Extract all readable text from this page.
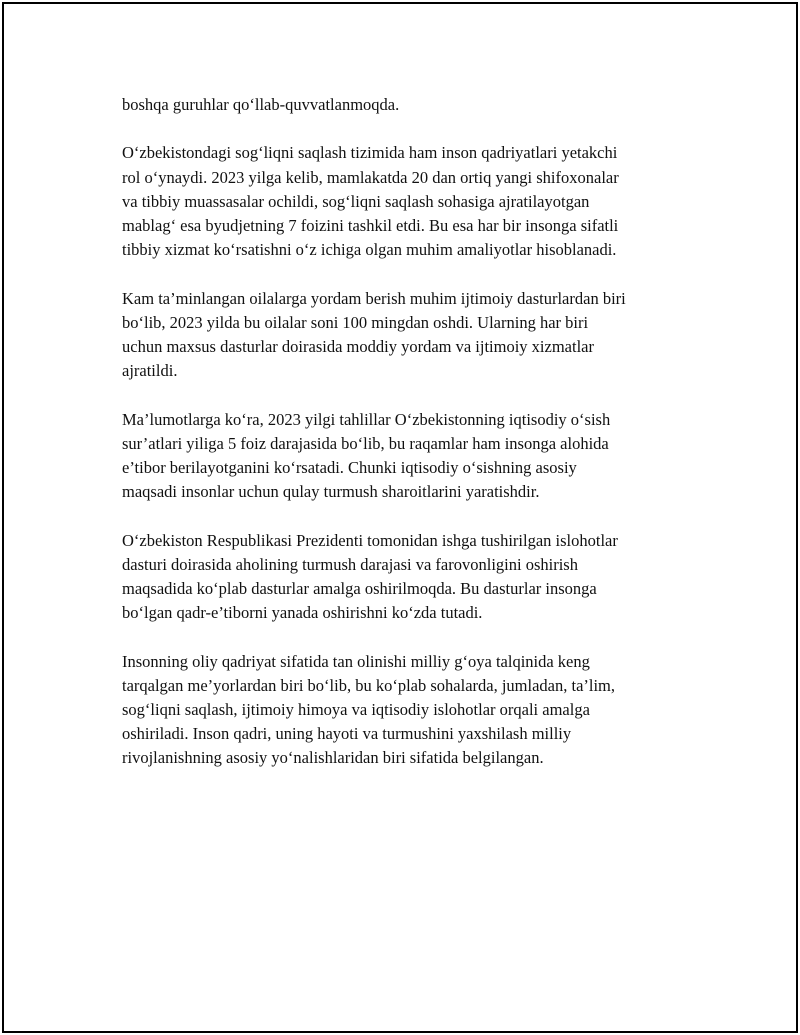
boshqa guruhlar qo‘llab-quvvatlanmoqda.

O‘zbekistondagi sog‘liqni saqlash tizimida ham inson qadriyatlari yetakchi
rol o‘ynaydi. 2023 yilga kelib, mamlakatda 20 dan ortiq yangi shifoxonalar
va tibbiy muassasalar ochildi, sog‘liqni saqlash sohasiga ajratilayotgan
mablag‘ esa byudjetning 7 foizini tashkil etdi. Bu esa har bir insonga sifatli
tibbiy xizmat ko‘rsatishni o‘z ichiga olgan muhim amaliyotlar hisoblanadi.

Kam ta’minlangan oilalarga yordam berish muhim ijtimoiy dasturlardan biri
bo‘lib, 2023 yilda bu oilalar soni 100 mingdan oshdi. Ularning har biri
uchun maxsus dasturlar doirasida moddiy yordam va ijtimoiy xizmatlar
ajratildi.

Ma’lumotlarga ko‘ra, 2023 yilgi tahlillar O‘zbekistonning iqtisodiy o‘sish
sur’atlari yiliga 5 foiz darajasida bo‘lib, bu raqamlar ham insonga alohida
e’tibor berilayotganini ko‘rsatadi. Chunki iqtisodiy o‘sishning asosiy
maqsadi insonlar uchun qulay turmush sharoitlarini yaratishdir.

O‘zbekiston Respublikasi Prezidenti tomonidan ishga tushirilgan islohotlar
dasturi doirasida aholining turmush darajasi va farovonligini oshirish
maqsadida ko‘plab dasturlar amalga oshirilmoqda. Bu dasturlar insonga
bo‘lgan qadr-e’tiborni yanada oshirishni ko‘zda tutadi.

Insonning oliy qadriyat sifatida tan olinishi milliy g‘oya talqinida keng
tarqalgan me’yorlardan biri bo‘lib, bu ko‘plab sohalarda, jumladan, ta’lim,
sog‘liqni saqlash, ijtimoiy himoya va iqtisodiy islohotlar orqali amalga
oshiriladi. Inson qadri, uning hayoti va turmushini yaxshilash milliy
rivojlanishning asosiy yo‘nalishlaridan biri sifatida belgilangan.
